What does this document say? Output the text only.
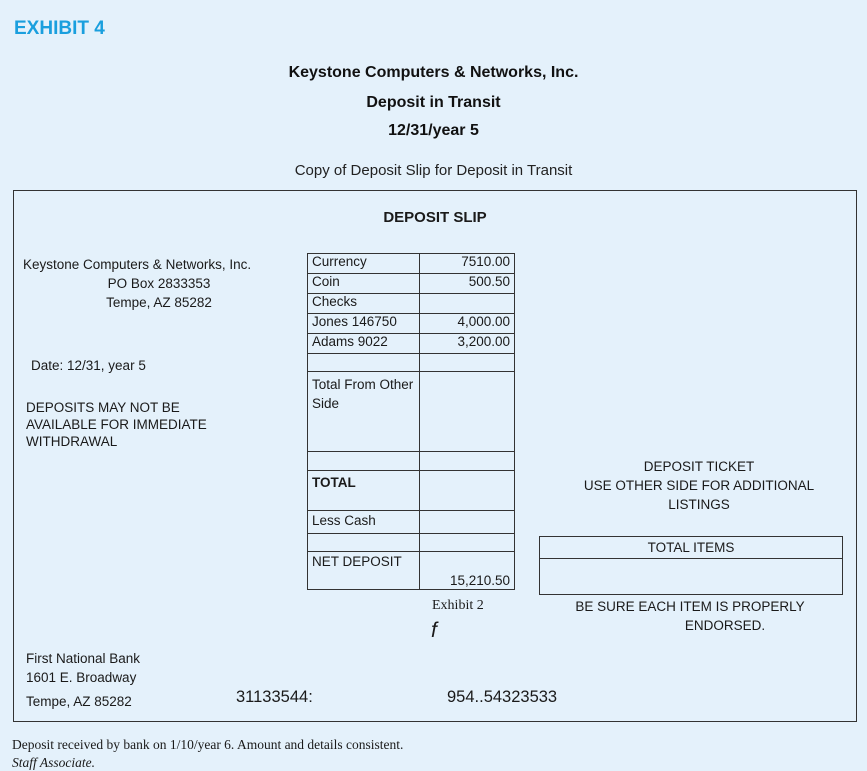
EXHIBIT 4
Keystone Computers & Networks, Inc.
Deposit in Transit
12/31/year 5
Copy of Deposit Slip for Deposit in Transit
DEPOSIT SLIP
Keystone Computers & Networks, Inc.
PO Box 2833353
Tempe, AZ 85282
Date: 12/31, year 5
DEPOSITS MAY NOT BE
AVAILABLE FOR IMMEDIATE
WITHDRAWAL
Currency	7510.00
Coin	500.50
Checks	
Jones 146750	4,000.00
Adams 9022	3,200.00

Total From Other Side	

TOTAL	
Less Cash	

NET DEPOSIT	15,210.50
Exhibit 2
f
DEPOSIT TICKET
USE OTHER SIDE FOR ADDITIONAL
LISTINGS
TOTAL ITEMS
BE SURE EACH ITEM IS PROPERLY
ENDORSED.
First National Bank
1601 E. Broadway
Tempe, AZ 85282	31133544:	954..54323533
Deposit received by bank on 1/10/year 6. Amount and details consistent.
Staff Associate.
